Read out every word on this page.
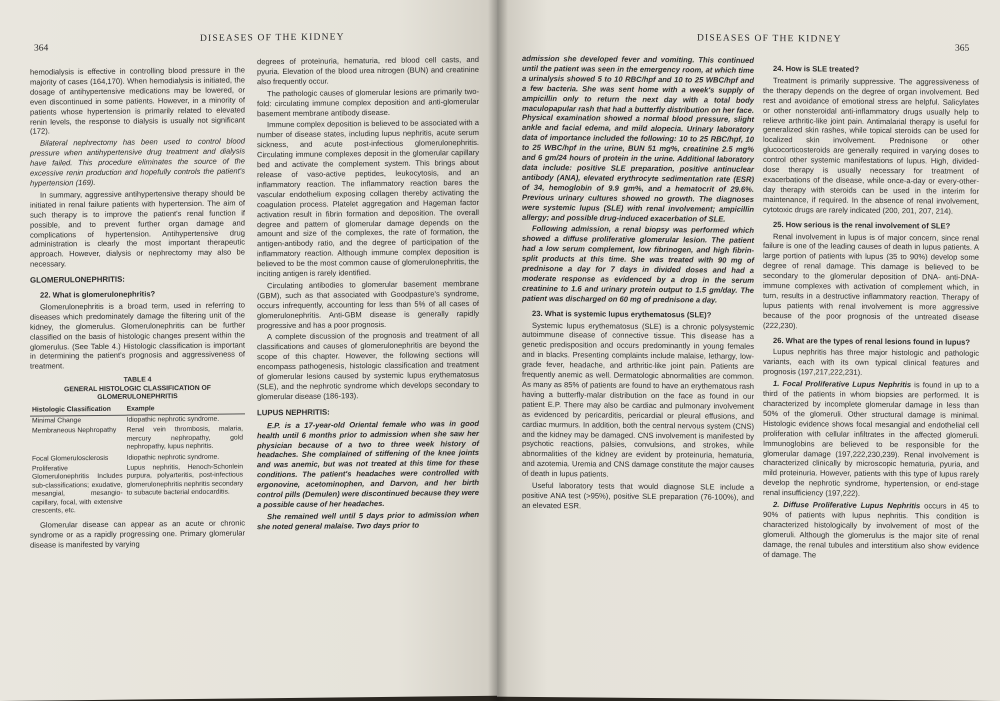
364
DISEASES OF THE KIDNEY

hemodialysis is effective in controlling blood pressure in the majority of cases (164,170). When hemodialysis is initiated, the dosage of antihypertensive medications may be lowered, or even discontinued in some patients. However, in a minority of patients whose hypertension is primarily related to elevated renin levels, the response to dialysis is usually not significant (172).

Bilateral nephrectomy has been used to control blood pressure when antihypertensive drug treatment and dialysis have failed. This procedure eliminates the source of the excessive renin production and hopefully controls the patient's hypertension (169).

In summary, aggressive antihypertensive therapy should be initiated in renal failure patients with hypertension. The aim of such therapy is to improve the patient's renal function if possible, and to prevent further organ damage and complications of hypertension. Antihypertensive drug administration is clearly the most important therapeutic approach. However, dialysis or nephrectomy may also be necessary.

GLOMERULONEPHRITIS:
22. What is glomerulonephritis?

Glomerulonephritis is a broad term, used in referring to diseases which predominately damage the filtering unit of the kidney, the glomerulus. Glomerulonephritis can be further classified on the basis of histologic changes present within the glomerulus. (See Table 4.) Histologic classification is important in determining the patient's prognosis and aggressiveness of treatment.

TABLE 4
GENERAL HISTOLOGIC CLASSIFICATION OF GLOMERULONEPHRITIS
Histologic Classification	Example
Minimal Change	Idiopathic nephrotic syndrome.
Membraneous Nephropathy	Renal vein thrombosis, malaria, mercury nephropathy, gold nephropathy, lupus nephritis.
Focal Glomerulosclerosis	Idiopathic nephrotic syndrome.
Proliferative Glomerulonephritis Includes sub-classifications; exudative, mesangial, mesangio-capillary, focal, with extensive crescents, etc.	Lupus nephritis, Henoch-Schonlein purpura, polyarteritis, post-infectious glomerulonephritis nephritis secondary to subacute bacterial endocarditis.

Glomerular disease can appear as an acute or chronic syndrome or as a rapidly progressing one. Primary glomerular disease is manifested by varying

degrees of proteinuria, hematuria, red blood cell casts, and pyuria. Elevation of the blood urea nitrogen (BUN) and creatinine also frequently occur.

The pathologic causes of glomerular lesions are primarily two-fold: circulating immune complex deposition and anti-glomerular basement membrane antibody disease.

Immune complex deposition is believed to be associated with a number of disease states, including lupus nephritis, acute serum sickness, and acute post-infectious glomerulonephritis. Circulating immune complexes deposit in the glomerular capillary bed and activate the complement system. This brings about release of vaso-active peptides, leukocytosis, and an inflammatory reaction. The inflammatory reaction bares the vascular endothelium exposing collagen thereby activating the coagulation process. Platelet aggregation and Hageman factor activation result in fibrin formation and deposition. The overall degree and pattern of glomerular damage depends on the amount and size of the complexes, the rate of formation, the antigen-antibody ratio, and the degree of participation of the inflammatory reaction. Although immune complex deposition is believed to be the most common cause of glomerulonephritis, the inciting antigen is rarely identified.

Circulating antibodies to glomerular basement membrane (GBM), such as that associated with Goodpasture's syndrome, occurs infrequently, accounting for less than 5% of all cases of glomerulonephritis. Anti-GBM disease is generally rapidly progressive and has a poor prognosis.

A complete discussion of the prognosis and treatment of all classifications and causes of glomerulonephritis are beyond the scope of this chapter. However, the following sections will encompass pathogenesis, histologic classification and treatment of glomerular lesions caused by systemic lupus erythematosus (SLE), and the nephrotic syndrome which develops secondary to glomerular disease (186-193).

LUPUS NEPHRITIS:

E.P. is a 17-year-old Oriental female who was in good health until 6 months prior to admission when she saw her physician because of a two to three week history of headaches. She complained of stiffening of the knee joints and was anemic, but was not treated at this time for these conditions. The patient's headaches were controlled with ergonovine, acetominophen, and Darvon, and her birth control pills (Demulen) were discontinued because they were a possible cause of her headaches.

She remained well until 5 days prior to admission when she noted general malaise. Two days prior to

DISEASES OF THE KIDNEY
365

admission she developed fever and vomiting. This continued until the patient was seen in the emergency room, at which time a urinalysis showed 5 to 10 RBC/hpf and 10 to 25 WBC/hpf and a few bacteria. She was sent home with a week's supply of ampicillin only to return the next day with a total body maculopapular rash that had a butterfly distribution on her face. Physical examination showed a normal blood pressure, slight ankle and facial edema, and mild alopecia. Urinary laboratory data of importance included the following: 10 to 25 RBC/hpf, 10 to 25 WBC/hpf in the urine, BUN 51 mg%, creatinine 2.5 mg% and 6 gm/24 hours of protein in the urine. Additional laboratory data include: positive SLE preparation, positive antinuclear antibody (ANA), elevated erythrocyte sedimentation rate (ESR) of 34, hemoglobin of 9.9 gm%, and a hematocrit of 29.6%. Previous urinary cultures showed no growth. The diagnoses were systemic lupus (SLE) with renal involvement; ampicillin allergy; and possible drug-induced exacerbation of SLE.

Following admission, a renal biopsy was performed which showed a diffuse proliferative glomerular lesion. The patient had a low serum complement, low fibrinogen, and high fibrin-split products at this time. She was treated with 90 mg of prednisone a day for 7 days in divided doses and had a moderate response as evidenced by a drop in the serum creatinine to 1.6 and urinary protein output to 1.5 gm/day. The patient was discharged on 60 mg of prednisone a day.

23. What is systemic lupus erythematosus (SLE)?

Systemic lupus erythematosus (SLE) is a chronic polysystemic autoimmune disease of connective tissue. This disease has a genetic predisposition and occurs predominantly in young females and in blacks. Presenting complaints include malaise, lethargy, low-grade fever, headache, and arthritic-like joint pain. Patients are frequently anemic as well. Dermatologic abnormalities are common. As many as 85% of patients are found to have an erythematous rash having a butterfly-malar distribution on the face as found in our patient E.P. There may also be cardiac and pulmonary involvement as evidenced by pericarditis, pericardial or pleural effusions, and cardiac murmurs. In addition, both the central nervous system (CNS) and the kidney may be damaged. CNS involvement is manifested by psychotic reactions, palsies, convulsions, and strokes, while abnormalities of the kidney are evident by proteinuria, hematuria, and azotemia. Uremia and CNS damage constitute the major causes of death in lupus patients.

Useful laboratory tests that would diagnose SLE include a positive ANA test (>95%), positive SLE preparation (76-100%), and an elevated ESR.

24. How is SLE treated?

Treatment is primarily suppressive. The aggressiveness of the therapy depends on the degree of organ involvement. Bed rest and avoidance of emotional stress are helpful. Salicylates or other nonsteroidal anti-inflammatory drugs usually help to relieve arthritic-like joint pain. Antimalarial therapy is useful for generalized skin rashes, while topical steroids can be used for localized skin involvement. Prednisone or other glucocorticosteroids are generally required in varying doses to control other systemic manifestations of lupus. High, divided-dose therapy is usually necessary for treatment of exacerbations of the disease, while once-a-day or every-other-day therapy with steroids can be used in the interim for maintenance, if required. In the absence of renal involvement, cytotoxic drugs are rarely indicated (200, 201, 207, 214).

25. How serious is the renal involvement of SLE?

Renal involvement in lupus is of major concern, since renal failure is one of the leading causes of death in lupus patients. A large portion of patients with lupus (35 to 90%) develop some degree of renal damage. This damage is believed to be secondary to the glomerular deposition of DNA- anti-DNA-immune complexes with activation of complement which, in turn, results in a destructive inflammatory reaction. Therapy of lupus patients with renal involvement is more aggressive because of the poor prognosis of the untreated disease (222,230).

26. What are the types of renal lesions found in lupus?

Lupus nephritis has three major histologic and pathologic variants, each with its own typical clinical features and prognosis (197,217,222,231).

1. Focal Proliferative Lupus Nephritis is found in up to a third of the patients in whom biopsies are performed. It is characterized by incomplete glomerular damage in less than 50% of the glomeruli. Other structural damage is minimal. Histologic evidence shows focal mesangial and endothelial cell proliferation with cellular infiltrates in the affected glomeruli. Immunoglobins are believed to be responsible for the glomerular damage (197,222,230,239). Renal involvement is characterized clinically by microscopic hematuria, pyuria, and mild proteinuria. However, patients with this type of lupus rarely develop the nephrotic syndrome, hypertension, or end-stage renal insufficiency (197,222).

2. Diffuse Proliferative Lupus Nephritis occurs in 45 to 90% of patients with lupus nephritis. This condition is characterized histologically by involvement of most of the glomeruli. Although the glomerulus is the major site of renal damage, the renal tubules and interstitium also show evidence of damage. The
